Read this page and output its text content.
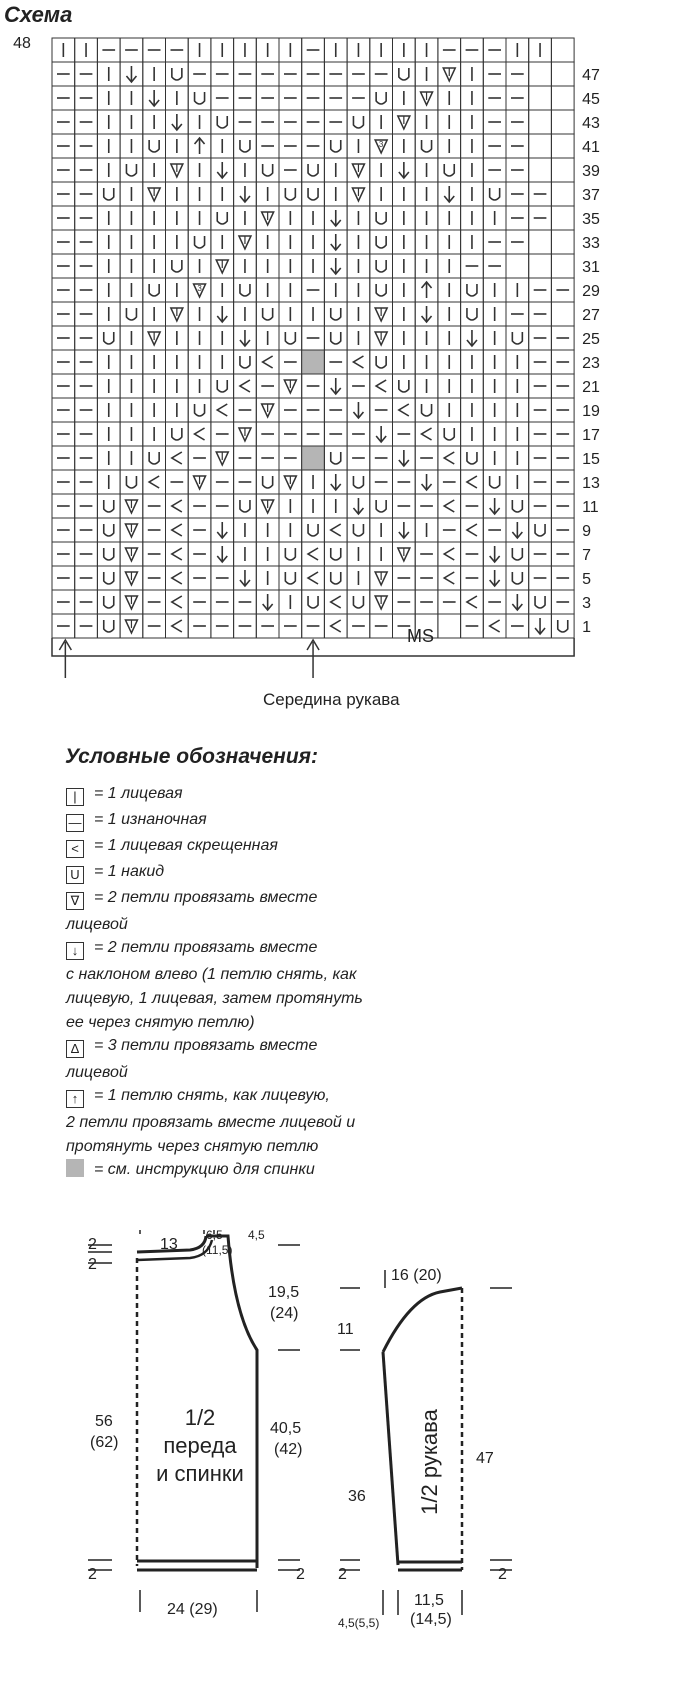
Схема
3
3
48
47
45
43
41
39
37
35
33
31
29
27
25
23
21
19
17
15
13
11
9
7
5
3
1
MS
Середина рукава
Условные обозначения:
| = 1 лицевая
— = 1 изнаночная
< = 1 лицевая скрещенная
U = 1 накид
∇ = 2 петли провязать вместе
лицевой
↓ = 2 петли провязать вместе
с наклоном влево (1 петлю снять, как
лицевую, 1 лицевая, затем протянуть
ее через снятую петлю)
∆ = 3 петли провязать вместе
лицевой
↑ = 1 петлю снять, как лицевую,
2 петли провязать вместе лицевой и
протянуть через снятую петлю
= см. инструкцию для спинки
13
6,5
(11,5)
4,5
2
2
19,5
(24)
56
(62)
1/2
переда
и спинки
40,5
(42)
2	2
24 (29)
16 (20)
11
36 1/2 рукава 47
2	2
11,5
(14,5)
4,5(5,5)
